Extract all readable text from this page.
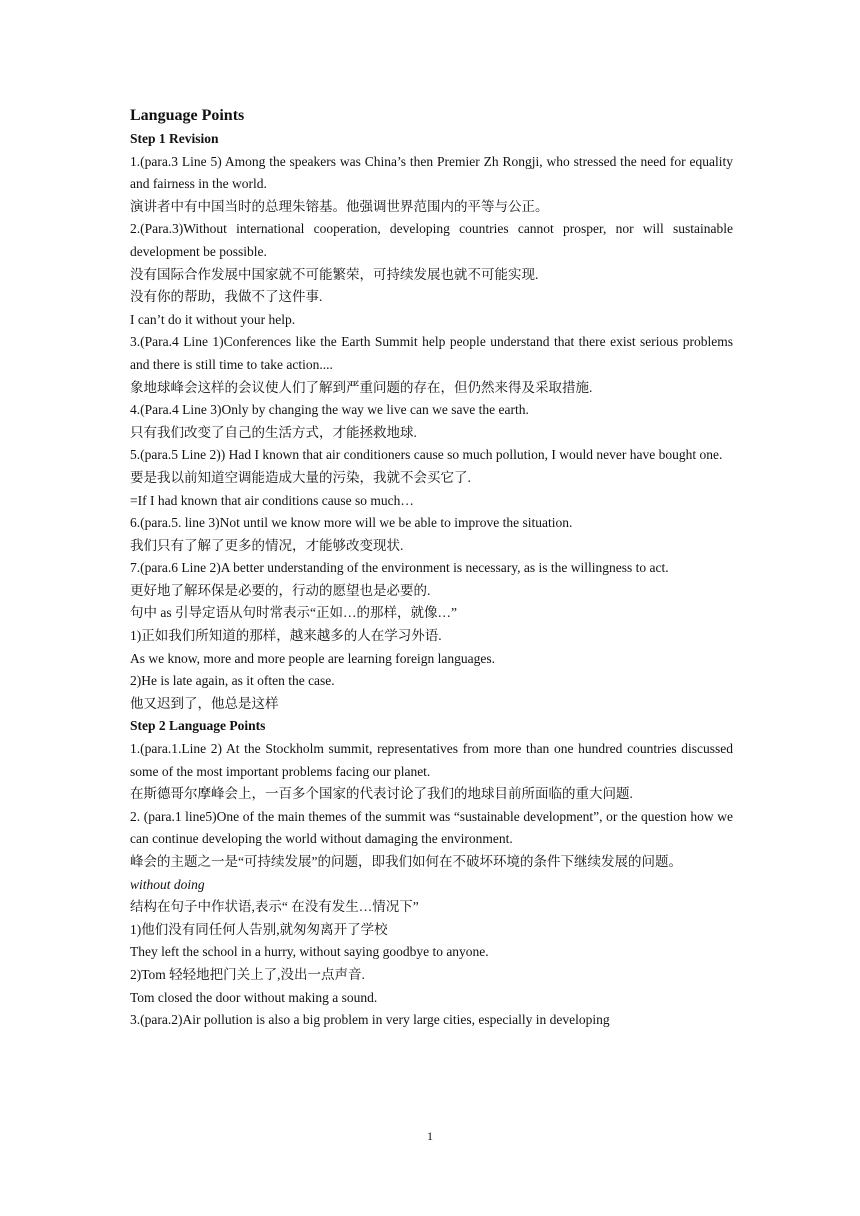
Language Points

Step 1 Revision

1.(para.3 Line 5) Among the speakers was China’s then Premier Zh Rongji, who stressed the need for equality and fairness in the world.

演讲者中有中国当时的总理朱镕基。他强调世界范围内的平等与公正。

2.(Para.3)Without international cooperation, developing countries cannot prosper, nor will sustainable development be possible.

没有国际合作发展中国家就不可能繁荣，可持续发展也就不可能实现.

没有你的帮助，我做不了这件事.

I can’t do it without your help.

3.(Para.4 Line 1)Conferences like the Earth Summit help people understand that there exist serious problems and there is still time to take action....

象地球峰会这样的会议使人们了解到严重问题的存在，但仍然来得及采取措施.

4.(Para.4 Line 3)Only by changing the way we live can we save the earth.

只有我们改变了自己的生活方式，才能拯救地球.

5.(para.5 Line 2)) Had I known that air conditioners cause so much pollution, I would never have bought one.

要是我以前知道空调能造成大量的污染，我就不会买它了.

=If I had known that air conditions cause so much…

6.(para.5. line 3)Not until we know more will we be able to improve the situation.

我们只有了解了更多的情况，才能够改变现状.

7.(para.6 Line 2)A better understanding of the environment is necessary, as is the willingness to act.

更好地了解环保是必要的，行动的愿望也是必要的.

句中 as 引导定语从句时常表示“正如…的那样，就像…”

1)正如我们所知道的那样，越来越多的人在学习外语.

As we know, more and more people are learning foreign languages.

2)He is late again, as it often the case.

他又迟到了，他总是这样

Step 2 Language Points

1.(para.1.Line 2) At the Stockholm summit, representatives from more than one hundred countries discussed some of the most important problems facing our planet.

在斯德哥尔摩峰会上，一百多个国家的代表讨论了我们的地球目前所面临的重大问题.

2. (para.1 line5)One of the main themes of the summit was “sustainable development”, or the question how we can continue developing the world without damaging the environment.

峰会的主题之一是“可持续发展”的问题，即我们如何在不破坏环境的条件下继续发展的问题。

without doing

结构在句子中作状语,表示“ 在没有发生…情况下”

1)他们没有同任何人告别,就匆匆离开了学校

They left the school in a hurry, without saying goodbye to anyone.

2)Tom 轻轻地把门关上了,没出一点声音.

Tom closed the door without making a sound.

3.(para.2)Air pollution is also a big problem in very large cities, especially in developing

1
